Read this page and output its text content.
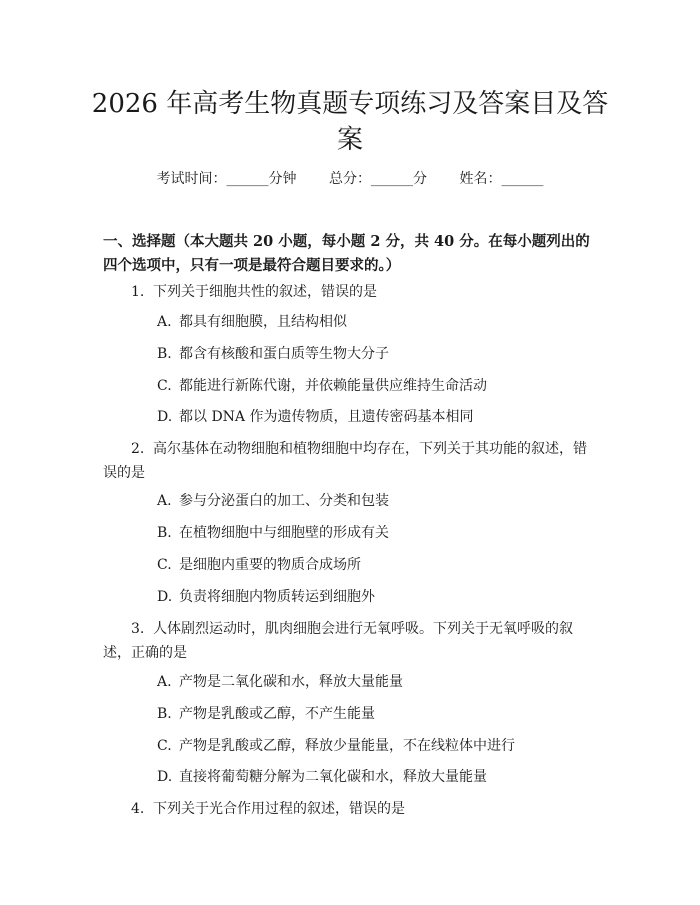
2026 年高考生物真题专项练习及答案目及答
案
考试时间：______分钟 总分：______分 姓名：______
一、选择题（本大题共 20 小题，每小题 2 分，共 40 分。在每小题列出的四个选项中，只有一项是最符合题目要求的。）
1. 下列关于细胞共性的叙述，错误的是
A. 都具有细胞膜，且结构相似
B. 都含有核酸和蛋白质等生物大分子
C. 都能进行新陈代谢，并依赖能量供应维持生命活动
D. 都以 DNA 作为遗传物质，且遗传密码基本相同
2. 高尔基体在动物细胞和植物细胞中均存在，下列关于其功能的叙述，错误的是
A. 参与分泌蛋白的加工、分类和包装
B. 在植物细胞中与细胞壁的形成有关
C. 是细胞内重要的物质合成场所
D. 负责将细胞内物质转运到细胞外
3. 人体剧烈运动时，肌肉细胞会进行无氧呼吸。下列关于无氧呼吸的叙述，正确的是
A. 产物是二氧化碳和水，释放大量能量
B. 产物是乳酸或乙醇，不产生能量
C. 产物是乳酸或乙醇，释放少量能量，不在线粒体中进行
D. 直接将葡萄糖分解为二氧化碳和水，释放大量能量
4. 下列关于光合作用过程的叙述，错误的是
